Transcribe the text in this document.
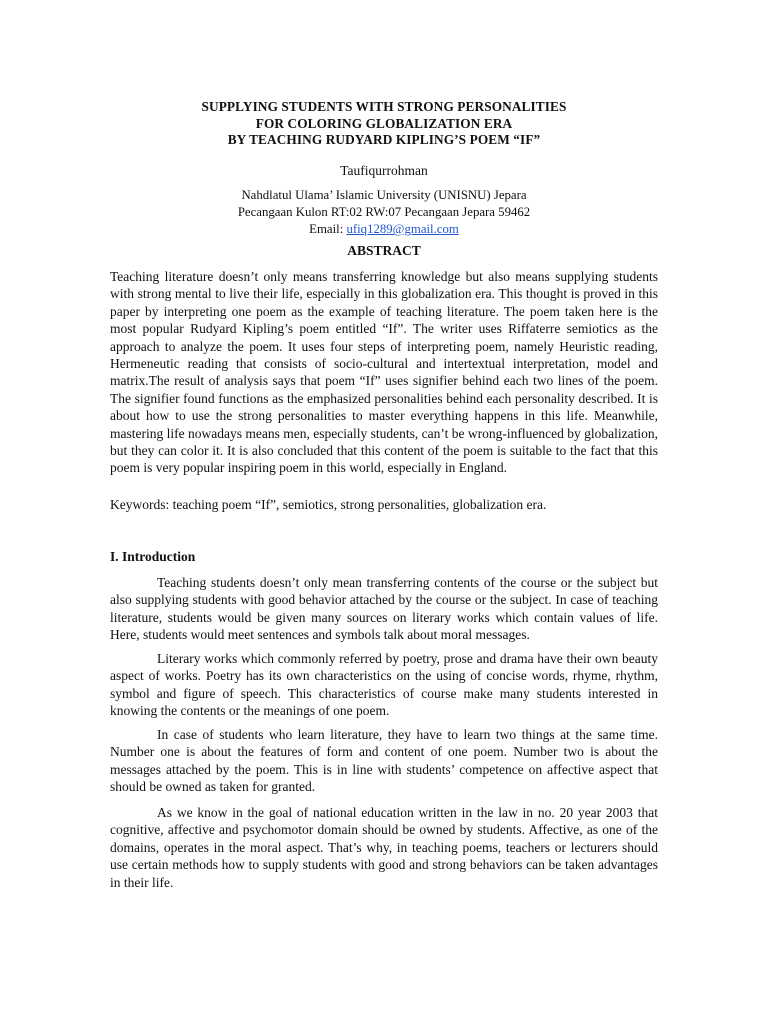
SUPPLYING STUDENTS WITH STRONG PERSONALITIES
FOR COLORING GLOBALIZATION ERA
BY TEACHING RUDYARD KIPLING’S POEM “IF”
Taufiqurrohman
Nahdlatul Ulama’ Islamic University (UNISNU) Jepara
Pecangaan Kulon RT:02 RW:07 Pecangaan Jepara 59462
Email: ufiq1289@gmail.com
ABSTRACT

Teaching literature doesn’t only means transferring knowledge but also means supplying students with strong mental to live their life, especially in this globalization era. This thought is proved in this paper by interpreting one poem as the example of teaching literature. The poem taken here is the most popular Rudyard Kipling’s poem entitled “If”. The writer uses Riffaterre semiotics as the approach to analyze the poem. It uses four steps of interpreting poem, namely Heuristic reading, Hermeneutic reading that consists of socio-cultural and intertextual interpretation, model and matrix.The result of analysis says that poem “If” uses signifier behind each two lines of the poem. The signifier found functions as the emphasized personalities behind each personality described. It is about how to use the strong personalities to master everything happens in this life. Meanwhile, mastering life nowadays means men, especially students, can’t be wrong-influenced by globalization, but they can color it. It is also concluded that this content of the poem is suitable to the fact that this poem is very popular inspiring poem in this world, especially in England.

Keywords: teaching poem “If”, semiotics, strong personalities, globalization era.

I. Introduction

Teaching students doesn’t only mean transferring contents of the course or the subject but also supplying students with good behavior attached by the course or the subject. In case of teaching literature, students would be given many sources on literary works which contain values of life. Here, students would meet sentences and symbols talk about moral messages.

Literary works which commonly referred by poetry, prose and drama have their own beauty aspect of works. Poetry has its own characteristics on the using of concise words, rhyme, rhythm, symbol and figure of speech. This characteristics of course make many students interested in knowing the contents or the meanings of one poem.

In case of students who learn literature, they have to learn two things at the same time. Number one is about the features of form and content of one poem. Number two is about the messages attached by the poem. This is in line with students’ competence on affective aspect that should be owned as taken for granted.

As we know in the goal of national education written in the law in no. 20 year 2003 that cognitive, affective and psychomotor domain should be owned by students. Affective, as one of the domains, operates in the moral aspect. That’s why, in teaching poems, teachers or lecturers should use certain methods how to supply students with good and strong behaviors can be taken advantages in their life.
